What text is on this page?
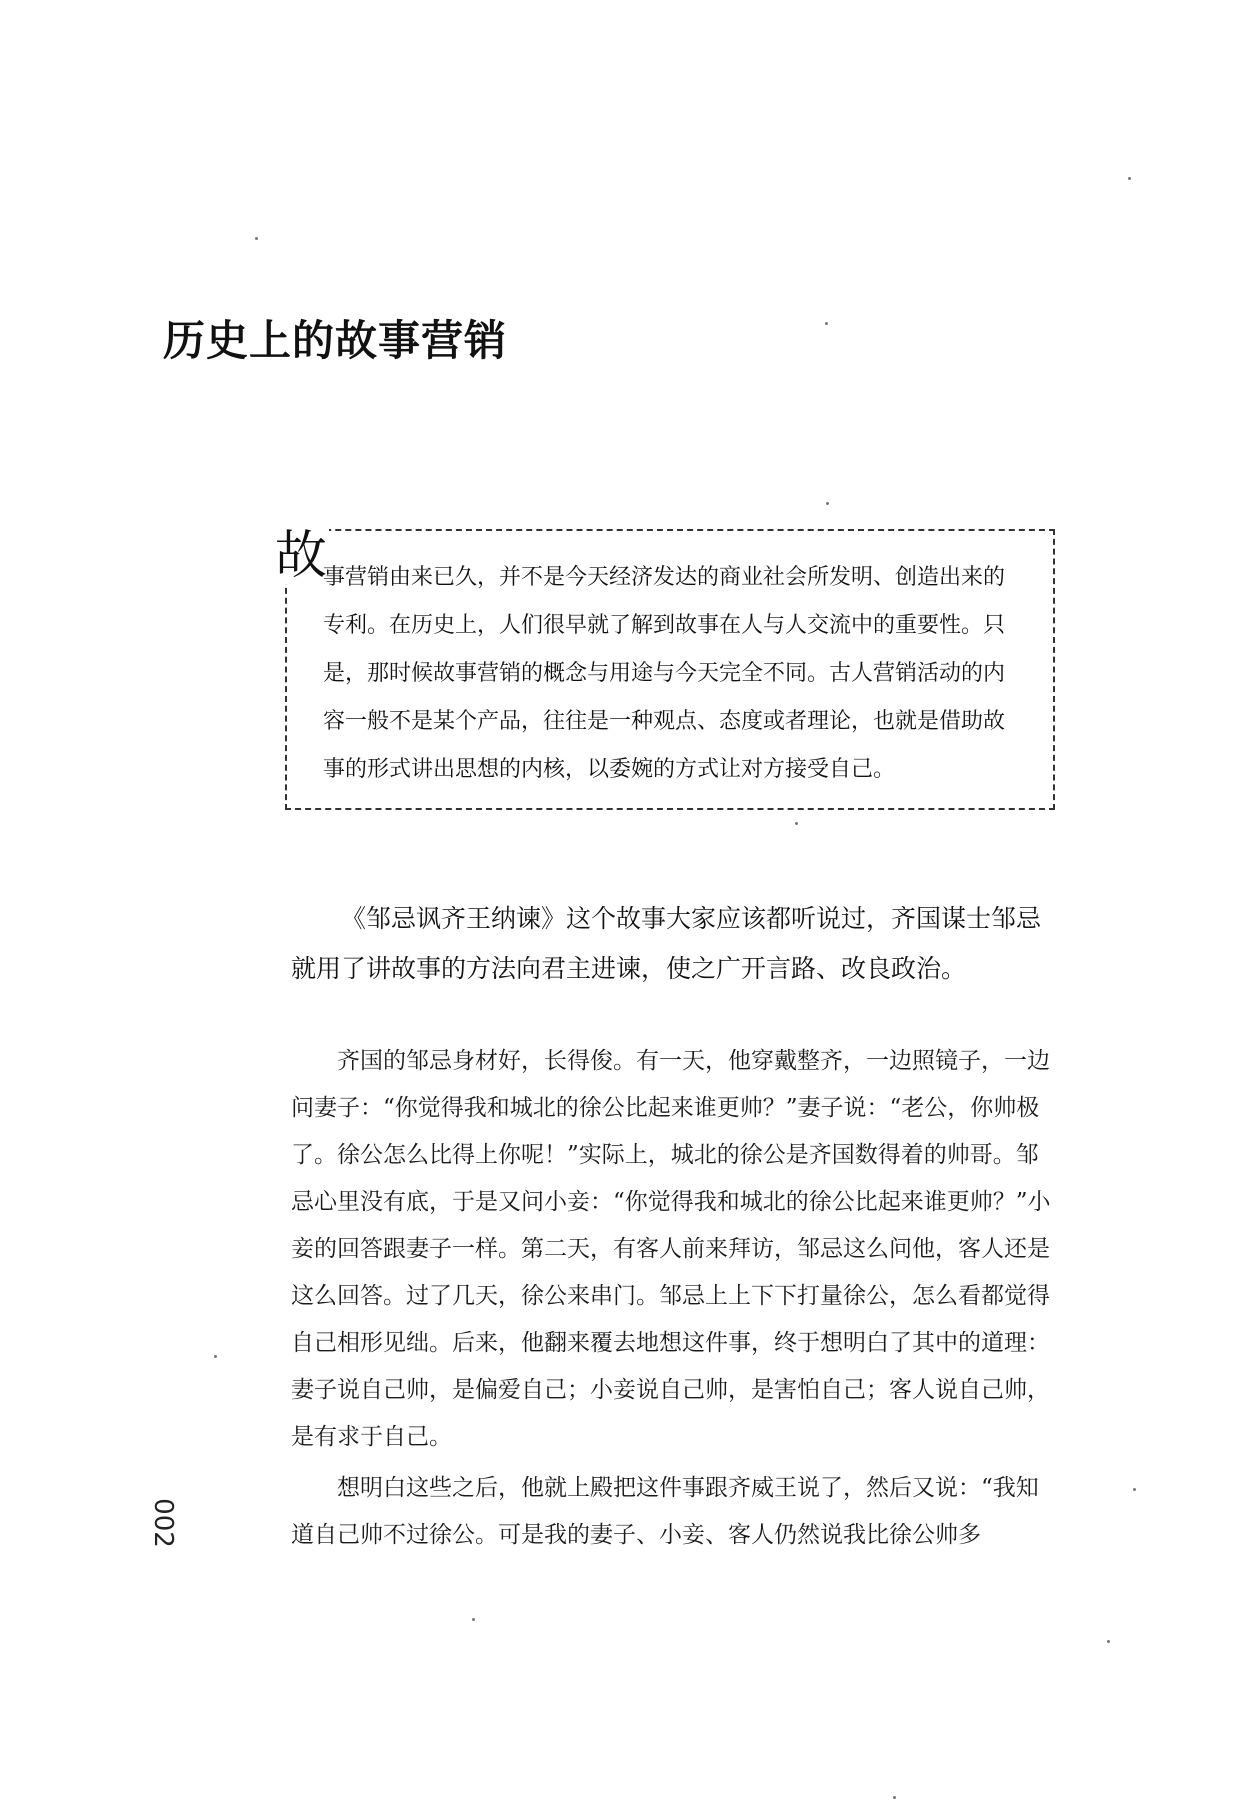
历史上的故事营销
故

事营销由来已久，并不是今天经济发达的商业社会所发明、创造出来的

专利。在历史上，人们很早就了解到故事在人与人交流中的重要性。只

是，那时候故事营销的概念与用途与今天完全不同。古人营销活动的内

容一般不是某个产品，往往是一种观点、态度或者理论，也就是借助故

事的形式讲出思想的内核，以委婉的方式让对方接受自己。

《邹忌讽齐王纳谏》这个故事大家应该都听说过，齐国谋士邹忌就用了讲故事的方法向君主进谏，使之广开言路、改良政治。

齐国的邹忌身材好，长得俊。有一天，他穿戴整齐，一边照镜子，一边问妻子：“你觉得我和城北的徐公比起来谁更帅？”妻子说：“老公，你帅极了。徐公怎么比得上你呢！”实际上，城北的徐公是齐国数得着的帅哥。邹忌心里没有底，于是又问小妾：“你觉得我和城北的徐公比起来谁更帅？”小妾的回答跟妻子一样。第二天，有客人前来拜访，邹忌这么问他，客人还是这么回答。过了几天，徐公来串门。邹忌上上下下打量徐公，怎么看都觉得自己相形见绌。后来，他翻来覆去地想这件事，终于想明白了其中的道理：妻子说自己帅，是偏爱自己；小妾说自己帅，是害怕自己；客人说自己帅，是有求于自己。

想明白这些之后，他就上殿把这件事跟齐威王说了，然后又说：“我知道自己帅不过徐公。可是我的妻子、小妾、客人仍然说我比徐公帅多

002
